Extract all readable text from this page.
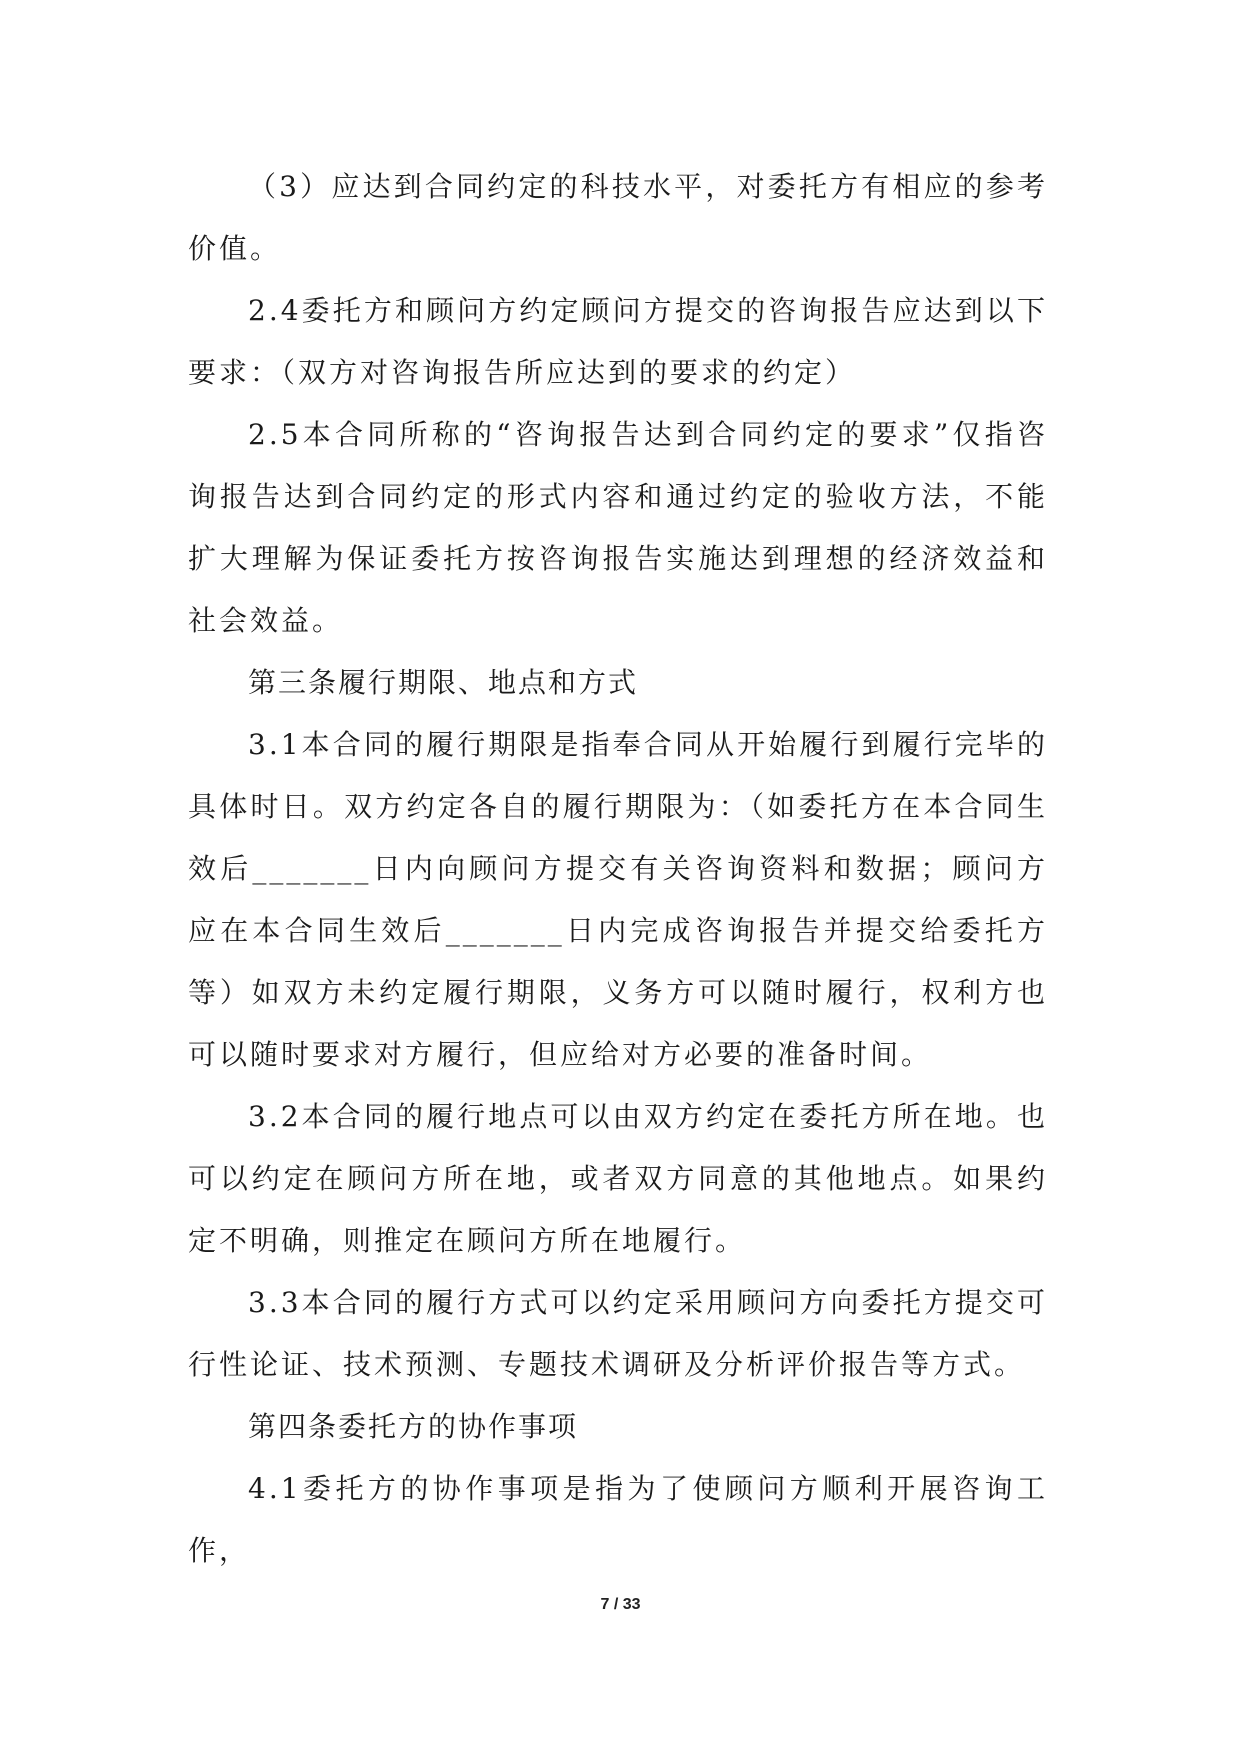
（3）应达到合同约定的科技水平，对委托方有相应的参考价值。

2.4委托方和顾问方约定顾问方提交的咨询报告应达到以下要求：（双方对咨询报告所应达到的要求的约定）

2.5本合同所称的“咨询报告达到合同约定的要求”仅指咨询报告达到合同约定的形式内容和通过约定的验收方法，不能扩大理解为保证委托方按咨询报告实施达到理想的经济效益和社会效益。

第三条履行期限、地点和方式

3.1本合同的履行期限是指奉合同从开始履行到履行完毕的具体时日。双方约定各自的履行期限为：（如委托方在本合同生效后_______日内向顾问方提交有关咨询资料和数据；顾问方应在本合同生效后_______日内完成咨询报告并提交给委托方等）如双方未约定履行期限，义务方可以随时履行，权利方也可以随时要求对方履行，但应给对方必要的准备时间。

3.2本合同的履行地点可以由双方约定在委托方所在地。也可以约定在顾问方所在地，或者双方同意的其他地点。如果约定不明确，则推定在顾问方所在地履行。

3.3本合同的履行方式可以约定采用顾问方向委托方提交可行性论证、技术预测、专题技术调研及分析评价报告等方式。

第四条委托方的协作事项

4.1委托方的协作事项是指为了使顾问方顺利开展咨询工作，

7 / 33
